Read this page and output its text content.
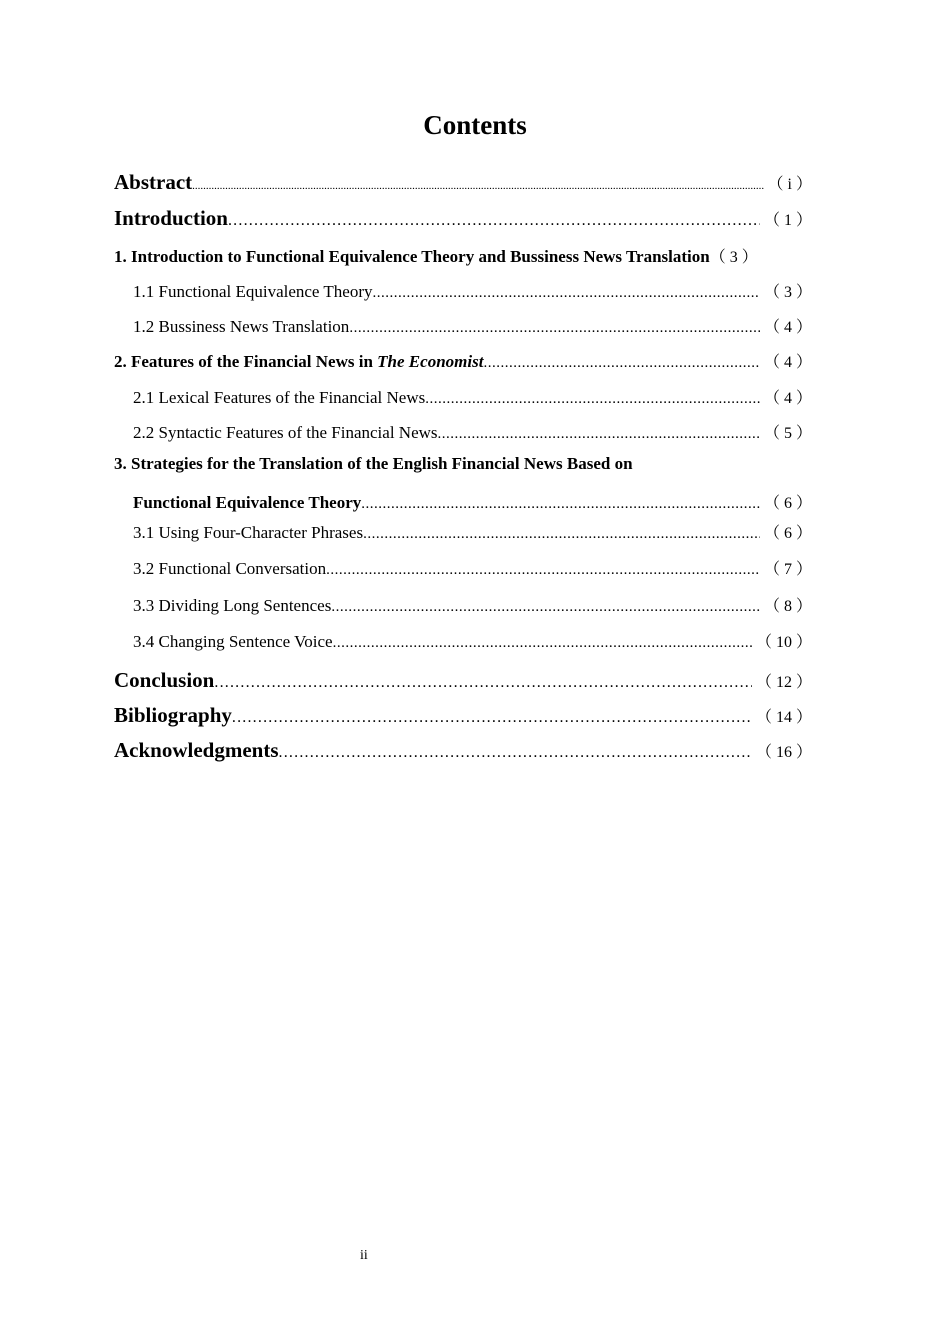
Contents
Abstract .....	（ i ）
Introduction .....	（ 1 ）
1. Introduction to Functional Equivalence Theory and Bussiness News Translation （ 3 ）
1.1 Functional Equivalence Theory .....	（ 3 ）
1.2 Bussiness News Translation .....	（ 4 ）
2. Features of the Financial News in The Economist .....	（ 4 ）
2.1 Lexical Features of the Financial News .....	（ 4 ）
2.2 Syntactic Features of the Financial News .....	（ 5 ）
3. Strategies for the Translation of the English Financial News Based on
Functional Equivalence Theory .....	（ 6 ）
3.1 Using Four-Character Phrases .....	（ 6 ）
3.2 Functional Conversation .....	（ 7 ）
3.3 Dividing Long Sentences .....	（ 8 ）
3.4 Changing Sentence Voice .....	（ 10 ）
Conclusion .....	（ 12 ）
Bibliography .....	（ 14 ）
Acknowledgments .....	（ 16 ）
ii
